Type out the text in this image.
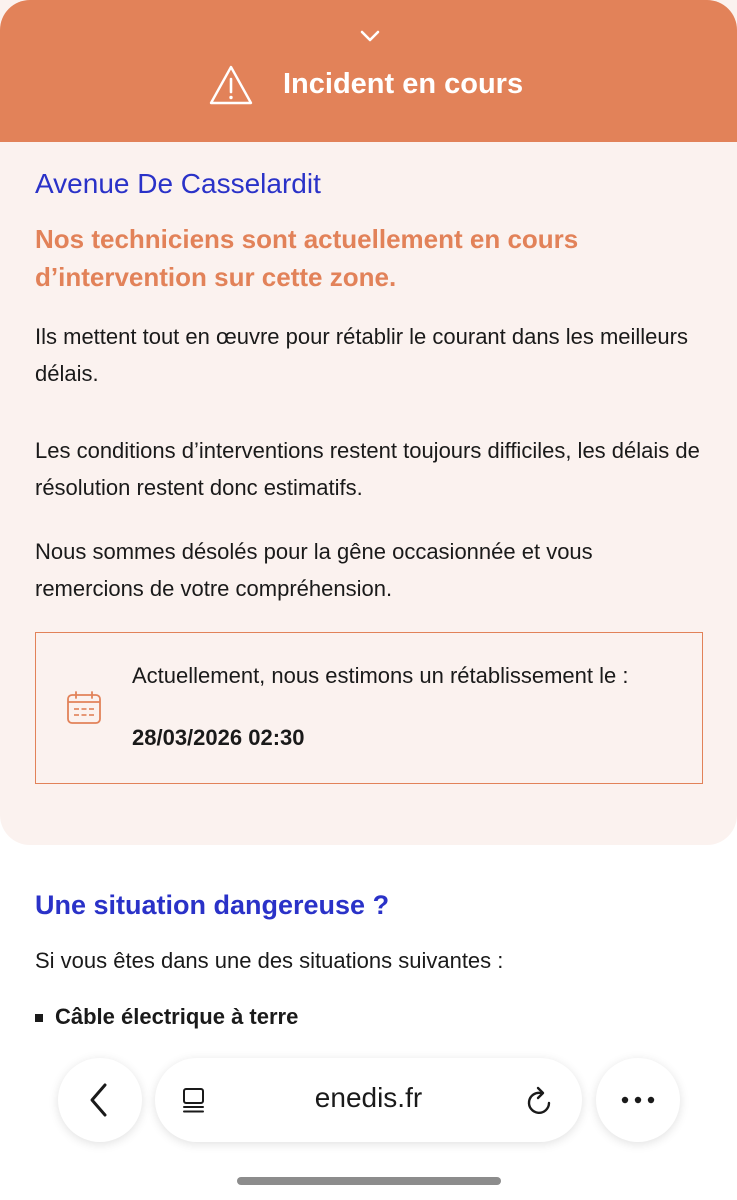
Incident en cours
Avenue De Casselardit
Nos techniciens sont actuellement en cours d’intervention sur cette zone.
Ils mettent tout en œuvre pour rétablir le courant dans les meilleurs délais.
Les conditions d’interventions restent toujours difficiles, les délais de résolution restent donc estimatifs.
Nous sommes désolés pour la gêne occasionnée et vous remercions de votre compréhension.
Actuellement, nous estimons un rétablissement le :
28/03/2026 02:30
Une situation dangereuse ?
Si vous êtes dans une des situations suivantes :
Câble électrique à terre
enedis.fr
